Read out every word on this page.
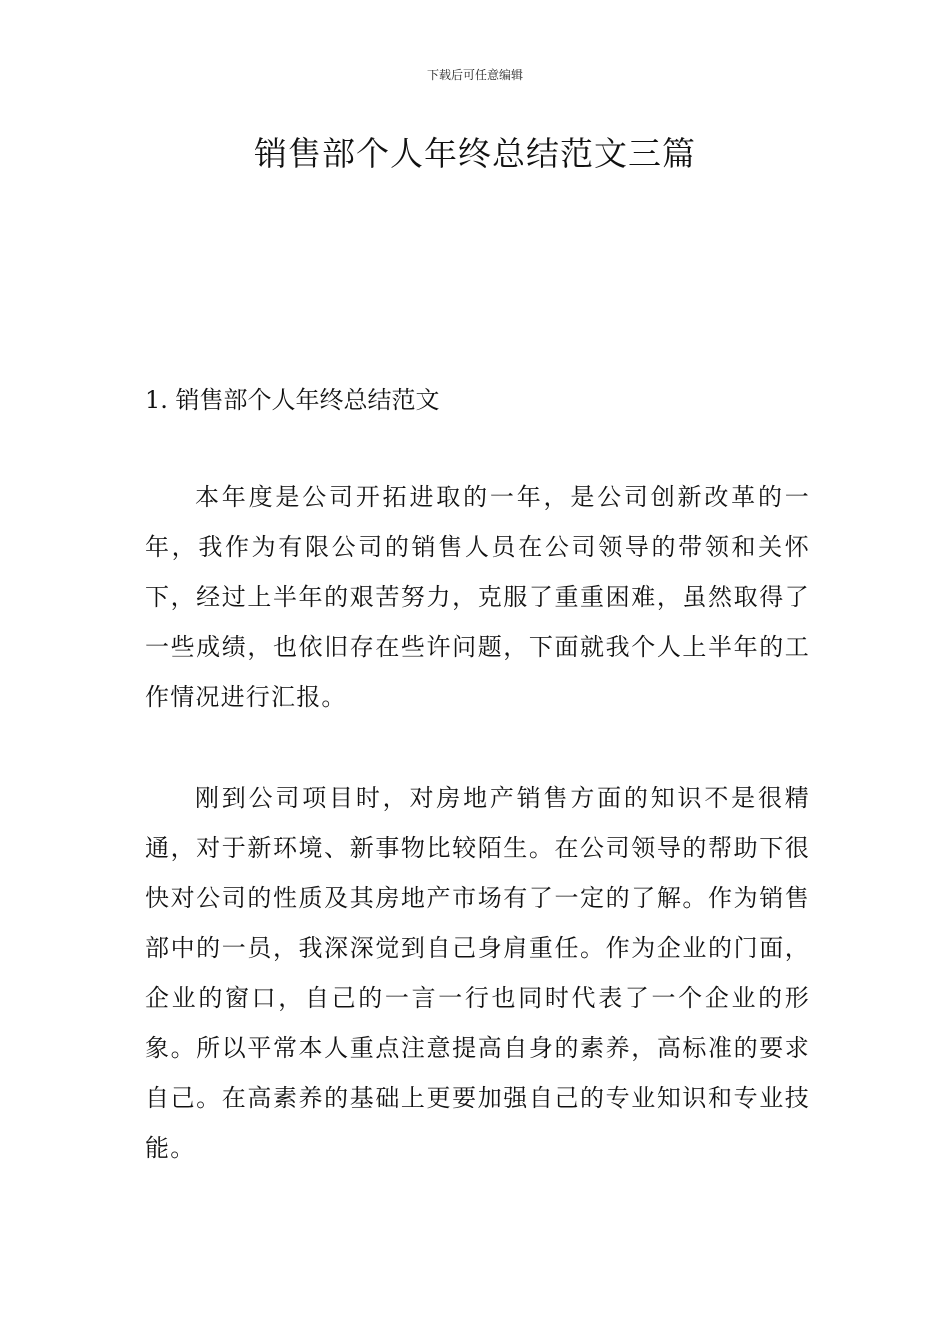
下载后可任意编辑
销售部个人年终总结范文三篇
1. 销售部个人年终总结范文

本年度是公司开拓进取的一年，是公司创新改革的一年，我作为有限公司的销售人员在公司领导的带领和关怀下，经过上半年的艰苦努力，克服了重重困难，虽然取得了一些成绩，也依旧存在些许问题，下面就我个人上半年的工作情况进行汇报。

刚到公司项目时，对房地产销售方面的知识不是很精通，对于新环境、新事物比较陌生。在公司领导的帮助下很快对公司的性质及其房地产市场有了一定的了解。作为销售部中的一员，我深深觉到自己身肩重任。作为企业的门面，企业的窗口，自己的一言一行也同时代表了一个企业的形象。所以平常本人重点注意提高自身的素养，高标准的要求自己。在高素养的基础上更要加强自己的专业知识和专业技能。
